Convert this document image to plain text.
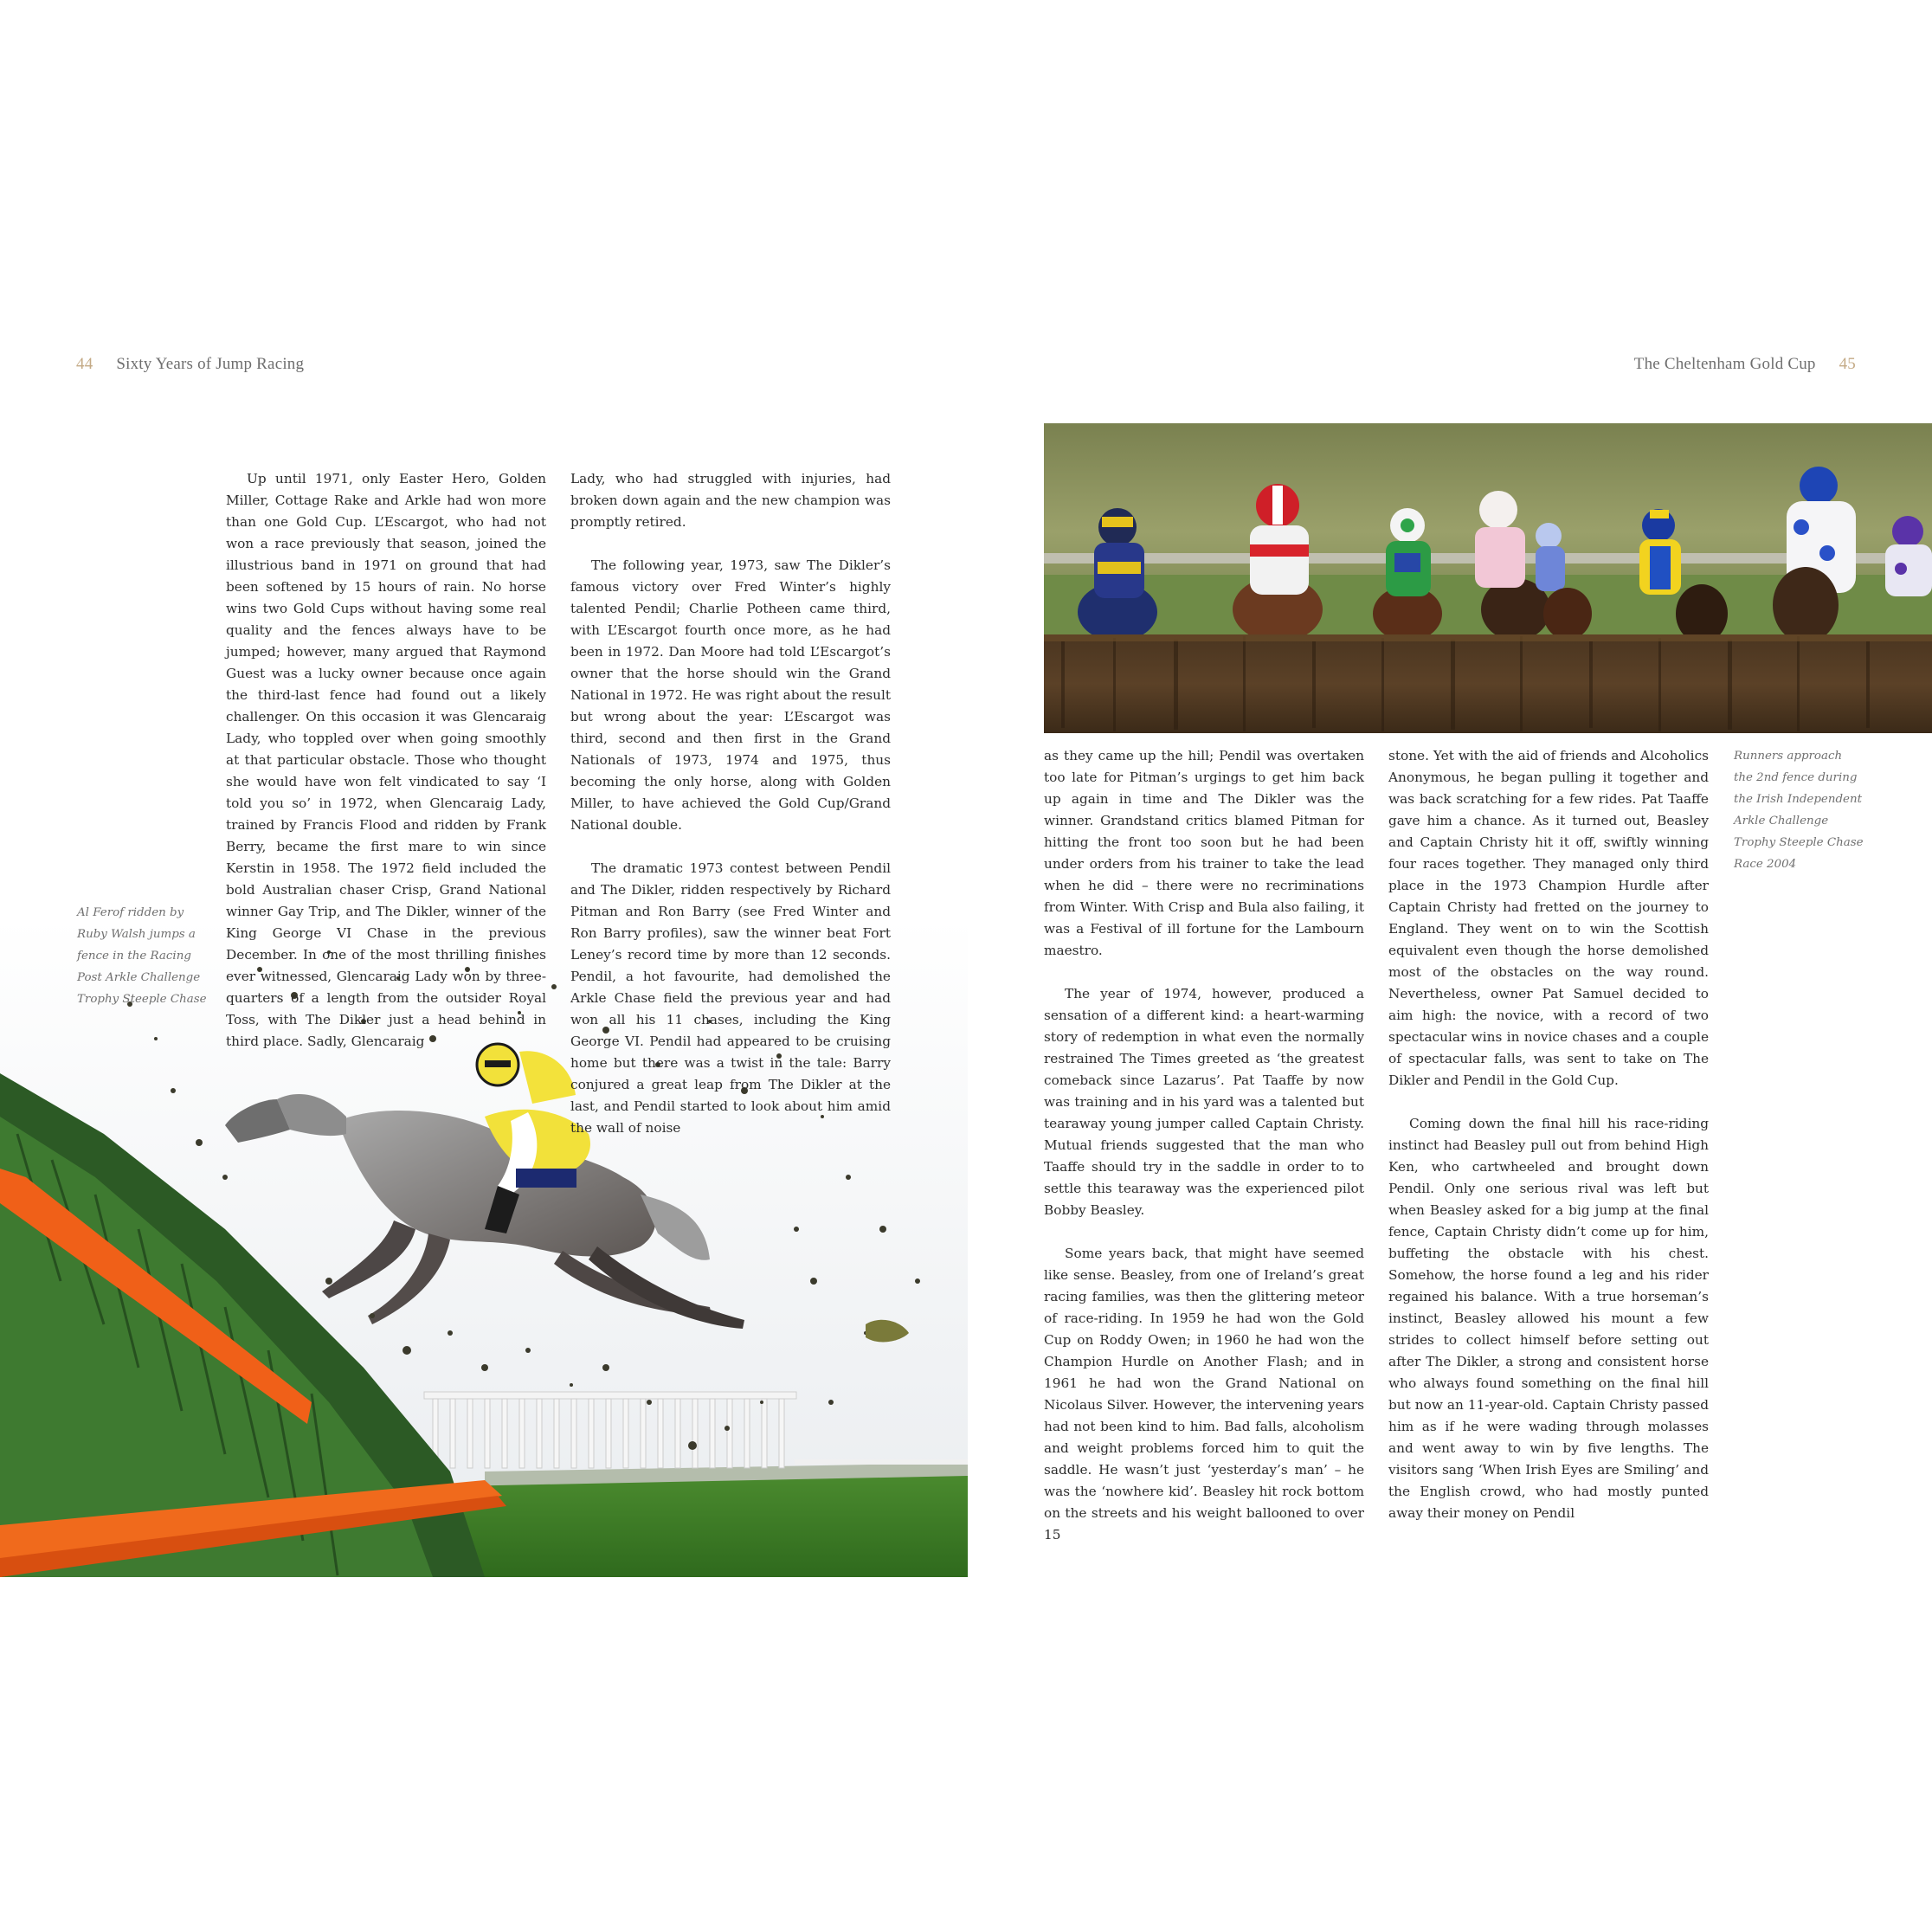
44 Sixty Years of Jump Racing	The Cheltenham Gold Cup 45

Up until 1971, only Easter Hero, Golden Miller, Cottage Rake and Arkle had won more than one Gold Cup. L’Escargot, who had not won a race previously that season, joined the illustrious band in 1971 on ground that had been softened by 15 hours of rain. No horse wins two Gold Cups without having some real quality and the fences always have to be jumped; however, many argued that Raymond Guest was a lucky owner because once again the third-last fence had found out a likely challenger. On this occasion it was Glencaraig Lady, who toppled over when going smoothly at that particular obstacle. Those who thought she would have won felt vindicated to say ‘I told you so’ in 1972, when Glencaraig Lady, trained by Francis Flood and ridden by Frank Berry, became the first mare to win since Kerstin in 1958. The 1972 field included the bold Australian chaser Crisp, Grand National winner Gay Trip, and The Dikler, winner of the King George VI Chase in the previous December. In one of the most thrilling finishes ever witnessed, Glencaraig Lady won by three-quarters of a length from the outsider Royal Toss, with The Dikler just a head behind in third place. Sadly, Glencaraig

Lady, who had struggled with injuries, had broken down again and the new champion was promptly retired.

The following year, 1973, saw The Dikler’s famous victory over Fred Winter’s highly talented Pendil; Charlie Potheen came third, with L’Escargot fourth once more, as he had been in 1972. Dan Moore had told L’Escargot’s owner that the horse should win the Grand National in 1972. He was right about the result but wrong about the year: L’Escargot was third, second and then first in the Grand Nationals of 1973, 1974 and 1975, thus becoming the only horse, along with Golden Miller, to have achieved the Gold Cup/Grand National double.

The dramatic 1973 contest between Pendil and The Dikler, ridden respectively by Richard Pitman and Ron Barry (see Fred Winter and Ron Barry profiles), saw the winner beat Fort Leney’s record time by more than 12 seconds. Pendil, a hot favourite, had demolished the Arkle Chase field the previous year and had won all his 11 chases, including the King George VI. Pendil had appeared to be cruising home but there was a twist in the tale: Barry conjured a great leap from The Dikler at the last, and Pendil started to look about him amid the wall of noise

as they came up the hill; Pendil was overtaken too late for Pitman’s urgings to get him back up again in time and The Dikler was the winner. Grandstand critics blamed Pitman for hitting the front too soon but he had been under orders from his trainer to take the lead when he did – there were no recriminations from Winter. With Crisp and Bula also failing, it was a Festival of ill fortune for the Lambourn maestro.

The year of 1974, however, produced a sensation of a different kind: a heart-warming story of redemption in what even the normally restrained The Times greeted as ‘the greatest comeback since Lazarus’. Pat Taaffe by now was training and in his yard was a talented but tearaway young jumper called Captain Christy. Mutual friends suggested that the man who Taaffe should try in the saddle in order to to settle this tearaway was the experienced pilot Bobby Beasley.

Some years back, that might have seemed like sense. Beasley, from one of Ireland’s great racing families, was then the glittering meteor of race-riding. In 1959 he had won the Gold Cup on Roddy Owen; in 1960 he had won the Champion Hurdle on Another Flash; and in 1961 he had won the Grand National on Nicolaus Silver. However, the intervening years had not been kind to him. Bad falls, alcoholism and weight problems forced him to quit the saddle. He wasn’t just ‘yesterday’s man’ – he was the ‘nowhere kid’. Beasley hit rock bottom on the streets and his weight ballooned to over 15

stone. Yet with the aid of friends and Alcoholics Anonymous, he began pulling it together and was back scratching for a few rides. Pat Taaffe gave him a chance. As it turned out, Beasley and Captain Christy hit it off, swiftly winning four races together. They managed only third place in the 1973 Champion Hurdle after Captain Christy had fretted on the journey to England. They went on to win the Scottish equivalent even though the horse demolished most of the obstacles on the way round. Nevertheless, owner Pat Samuel decided to aim high: the novice, with a record of two spectacular wins in novice chases and a couple of spectacular falls, was sent to take on The Dikler and Pendil in the Gold Cup.

Coming down the final hill his race-riding instinct had Beasley pull out from behind High Ken, who cartwheeled and brought down Pendil. Only one serious rival was left but when Beasley asked for a big jump at the final fence, Captain Christy didn’t come up for him, buffeting the obstacle with his chest. Somehow, the horse found a leg and his rider regained his balance. With a true horseman’s instinct, Beasley allowed his mount a few strides to collect himself before setting out after The Dikler, a strong and consistent horse who always found something on the final hill but now an 11-year-old. Captain Christy passed him as if he were wading through molasses and went away to win by five lengths. The visitors sang ‘When Irish Eyes are Smiling’ and the English crowd, who had mostly punted away their money on Pendil

Al Ferof ridden by Ruby Walsh jumps a fence in the Racing Post Arkle Challenge Trophy Steeple Chase
Runners approach the 2nd fence during the Irish Independent Arkle Challenge Trophy Steeple Chase Race 2004
